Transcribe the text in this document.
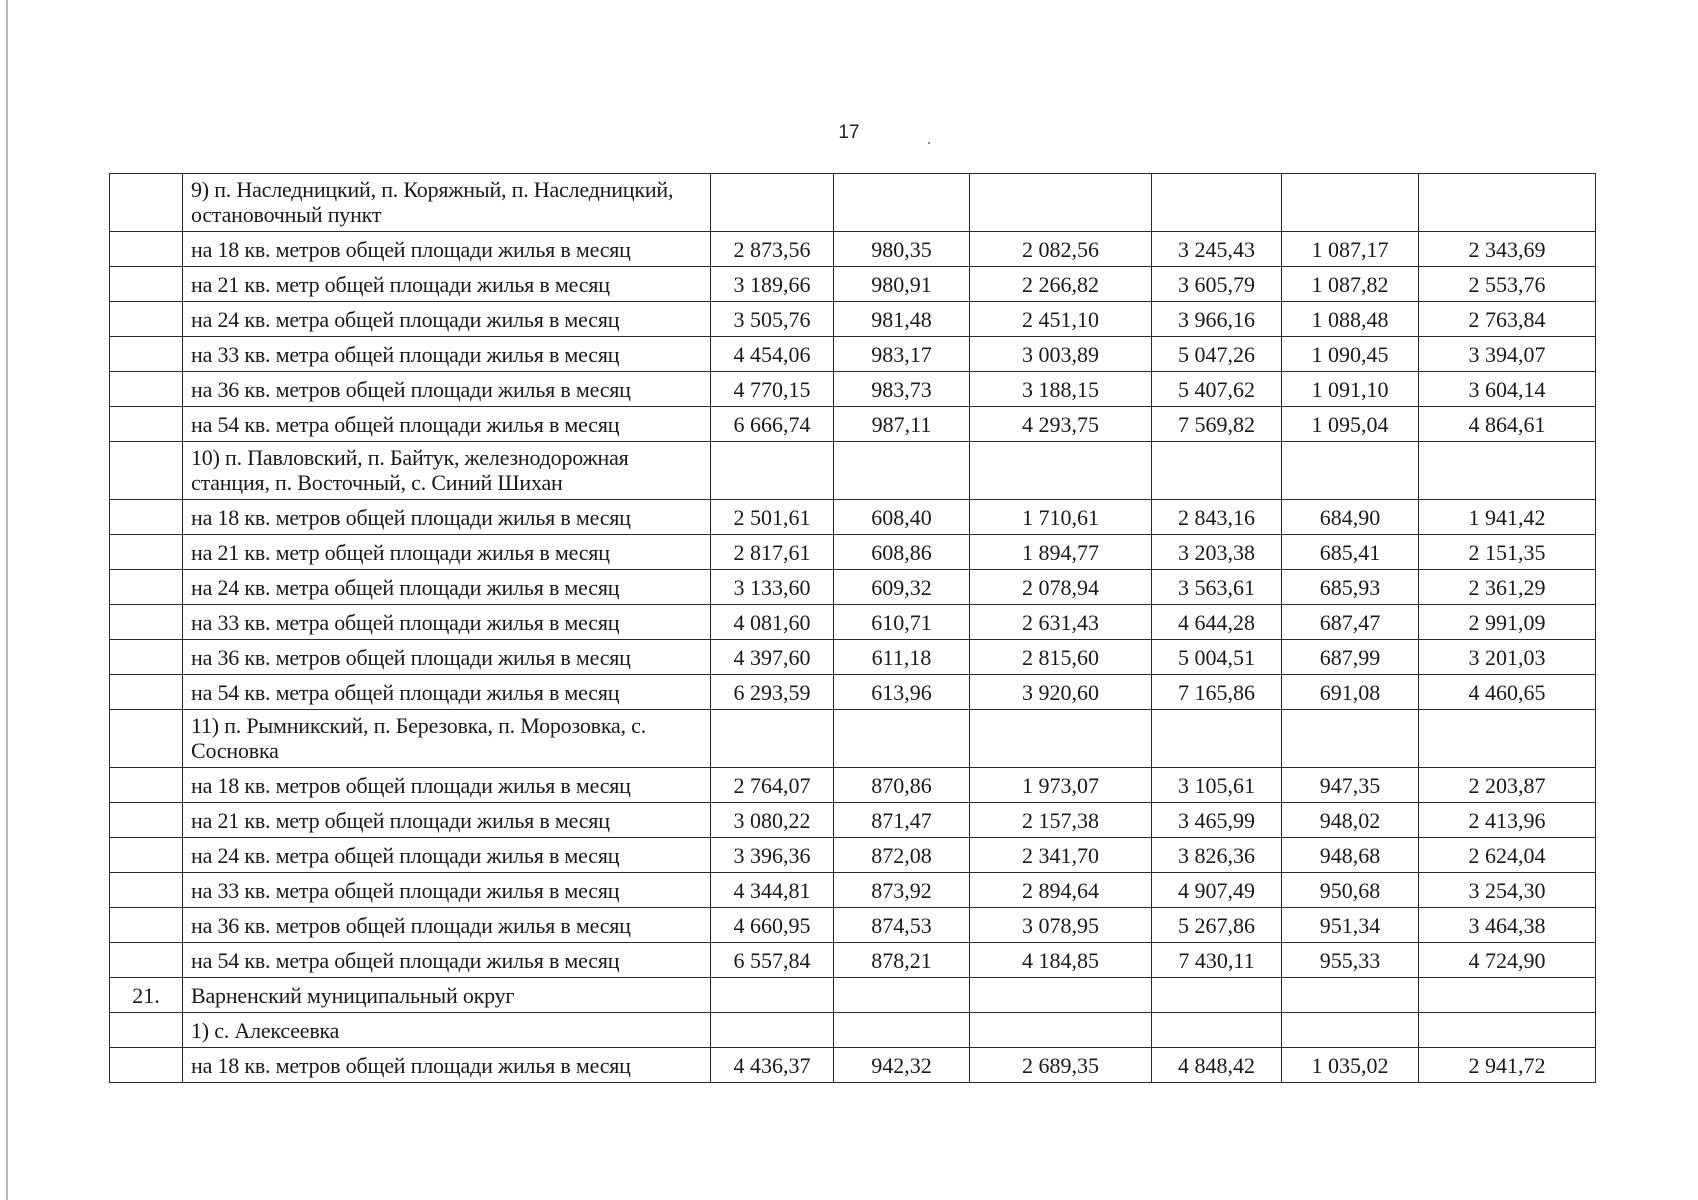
17
	9) п. Наследницкий, п. Коряжный, п. Наследницкий, остановочный пункт						
	на 18 кв. метров общей площади жилья в месяц	2 873,56	980,35	2 082,56	3 245,43	1 087,17	2 343,69
	на 21 кв. метр общей площади жилья в месяц	3 189,66	980,91	2 266,82	3 605,79	1 087,82	2 553,76
	на 24 кв. метра общей площади жилья в месяц	3 505,76	981,48	2 451,10	3 966,16	1 088,48	2 763,84
	на 33 кв. метра общей площади жилья в месяц	4 454,06	983,17	3 003,89	5 047,26	1 090,45	3 394,07
	на 36 кв. метров общей площади жилья в месяц	4 770,15	983,73	3 188,15	5 407,62	1 091,10	3 604,14
	на 54 кв. метра общей площади жилья в месяц	6 666,74	987,11	4 293,75	7 569,82	1 095,04	4 864,61
	10) п. Павловский, п. Байтук, железнодорожная станция, п. Восточный, с. Синий Шихан						
	на 18 кв. метров общей площади жилья в месяц	2 501,61	608,40	1 710,61	2 843,16	684,90	1 941,42
	на 21 кв. метр общей площади жилья в месяц	2 817,61	608,86	1 894,77	3 203,38	685,41	2 151,35
	на 24 кв. метра общей площади жилья в месяц	3 133,60	609,32	2 078,94	3 563,61	685,93	2 361,29
	на 33 кв. метра общей площади жилья в месяц	4 081,60	610,71	2 631,43	4 644,28	687,47	2 991,09
	на 36 кв. метров общей площади жилья в месяц	4 397,60	611,18	2 815,60	5 004,51	687,99	3 201,03
	на 54 кв. метра общей площади жилья в месяц	6 293,59	613,96	3 920,60	7 165,86	691,08	4 460,65
	11) п. Рымникский, п. Березовка, п. Морозовка, с. Сосновка						
	на 18 кв. метров общей площади жилья в месяц	2 764,07	870,86	1 973,07	3 105,61	947,35	2 203,87
	на 21 кв. метр общей площади жилья в месяц	3 080,22	871,47	2 157,38	3 465,99	948,02	2 413,96
	на 24 кв. метра общей площади жилья в месяц	3 396,36	872,08	2 341,70	3 826,36	948,68	2 624,04
	на 33 кв. метра общей площади жилья в месяц	4 344,81	873,92	2 894,64	4 907,49	950,68	3 254,30
	на 36 кв. метров общей площади жилья в месяц	4 660,95	874,53	3 078,95	5 267,86	951,34	3 464,38
	на 54 кв. метра общей площади жилья в месяц	6 557,84	878,21	4 184,85	7 430,11	955,33	4 724,90
21.	Варненский муниципальный округ						
	1) с. Алексеевка						
	на 18 кв. метров общей площади жилья в месяц	4 436,37	942,32	2 689,35	4 848,42	1 035,02	2 941,72
